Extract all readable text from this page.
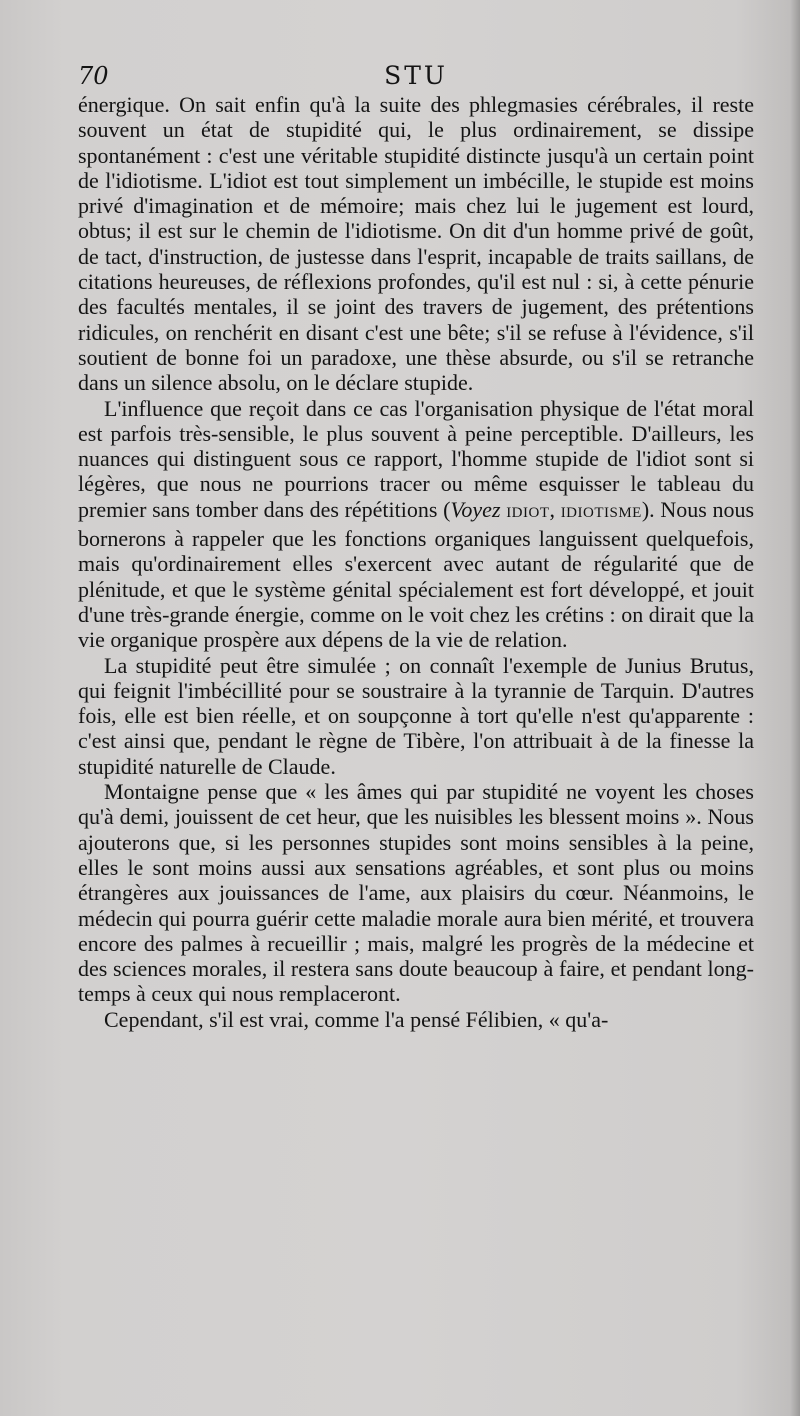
70	STU

énergique. On sait enfin qu'à la suite des phlegmasies cérébrales, il reste souvent un état de stupidité qui, le plus ordinairement, se dissipe spontanément : c'est une véritable stupidité distincte jusqu'à un certain point de l'idiotisme. L'idiot est tout simplement un imbécille, le stupide est moins privé d'imagination et de mémoire; mais chez lui le jugement est lourd, obtus; il est sur le chemin de l'idiotisme. On dit d'un homme privé de goût, de tact, d'instruction, de justesse dans l'esprit, incapable de traits saillans, de citations heureuses, de réflexions profondes, qu'il est nul : si, à cette pénurie des facultés mentales, il se joint des travers de jugement, des prétentions ridicules, on renchérit en disant c'est une bête; s'il se refuse à l'évidence, s'il soutient de bonne foi un paradoxe, une thèse absurde, ou s'il se retranche dans un silence absolu, on le déclare stupide.

L'influence que reçoit dans ce cas l'organisation physique de l'état moral est parfois très-sensible, le plus souvent à peine perceptible. D'ailleurs, les nuances qui distinguent sous ce rapport, l'homme stupide de l'idiot sont si légères, que nous ne pourrions tracer ou même esquisser le tableau du premier sans tomber dans des répétitions (Voyez IDIOT, IDIOTISME). Nous nous bornerons à rappeler que les fonctions organiques languissent quelquefois, mais qu'ordinairement elles s'exercent avec autant de régularité que de plénitude, et que le système génital spécialement est fort développé, et jouit d'une très-grande énergie, comme on le voit chez les crétins : on dirait que la vie organique prospère aux dépens de la vie de relation.

La stupidité peut être simulée ; on connaît l'exemple de Junius Brutus, qui feignit l'imbécillité pour se soustraire à la tyrannie de Tarquin. D'autres fois, elle est bien réelle, et on soupçonne à tort qu'elle n'est qu'apparente : c'est ainsi que, pendant le règne de Tibère, l'on attribuait à de la finesse la stupidité naturelle de Claude.

Montaigne pense que « les âmes qui par stupidité ne voyent les choses qu'à demi, jouissent de cet heur, que les nuisibles les blessent moins ». Nous ajouterons que, si les personnes stupides sont moins sensibles à la peine, elles le sont moins aussi aux sensations agréables, et sont plus ou moins étrangères aux jouissances de l'ame, aux plaisirs du cœur. Néanmoins, le médecin qui pourra guérir cette maladie morale aura bien mérité, et trouvera encore des palmes à recueillir ; mais, malgré les progrès de la médecine et des sciences morales, il restera sans doute beaucoup à faire, et pendant long-temps à ceux qui nous remplaceront.

Cependant, s'il est vrai, comme l'a pensé Félibien, « qu'a-
